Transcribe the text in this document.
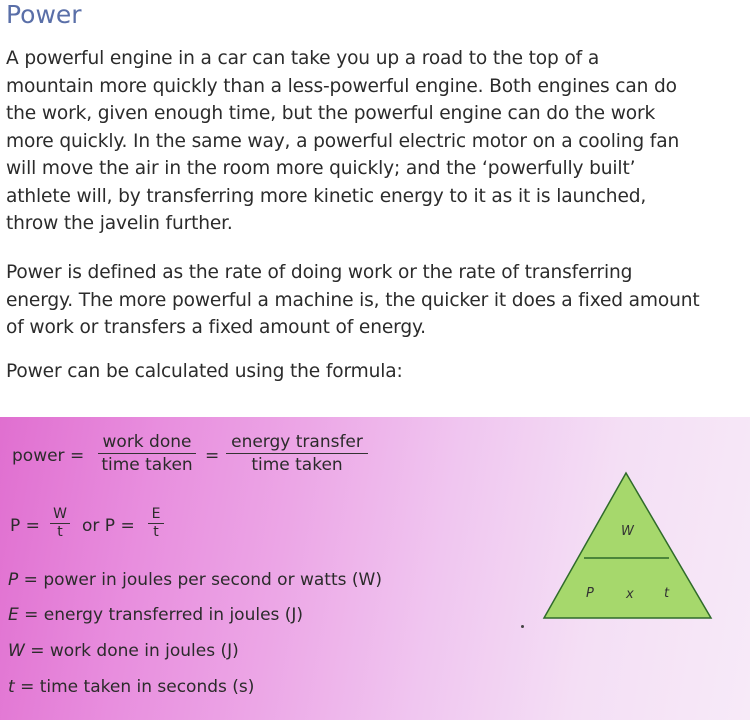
Power
A powerful engine in a car can take you up a road to the top of a
mountain more quickly than a less-powerful engine. Both engines can do
the work, given enough time, but the powerful engine can do the work
more quickly. In the same way, a powerful electric motor on a cooling fan
will move the air in the room more quickly; and the ‘powerfully built’
athlete will, by transferring more kinetic energy to it as it is launched,
throw the javelin further.
Power is defined as the rate of doing work or the rate of transferring
energy. The more powerful a machine is, the quicker it does a fixed amount
of work or transfers a fixed amount of energy.
Power can be calculated using the formula:
power =
work done
time taken =
energy transfer
time taken
P =
W
t	or P =
E
t
P = power in joules per second or watts (W)
E = energy transferred in joules (J)
W = work done in joules (J)
t = time taken in seconds (s)
W
P x t
